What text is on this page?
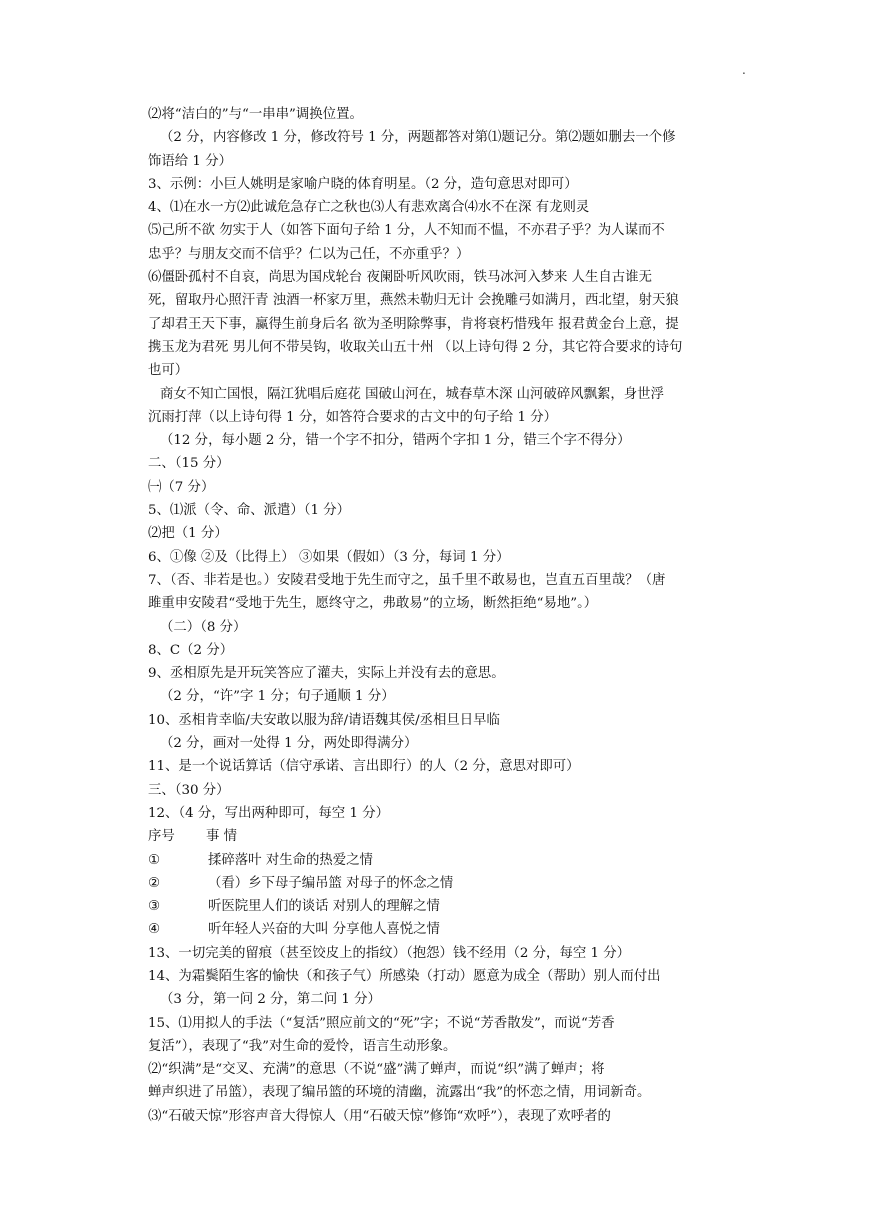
.

⑵将“洁白的”与“一串串”调换位置。

（2 分，内容修改 1 分，修改符号 1 分，两题都答对第⑴题记分。第⑵题如删去一个修

饰语给 1 分）

3、示例：小巨人姚明是家喻户晓的体育明星。（2 分，造句意思对即可）

4、⑴在水一方⑵此诚危急存亡之秋也⑶人有悲欢离合⑷水不在深 有龙则灵

⑸己所不欲 勿实于人（如答下面句子给 1 分，人不知而不愠，不亦君子乎？为人谋而不

忠乎？与朋友交而不信乎？仁以为己任，不亦重乎？）

⑹僵卧孤村不自哀，尚思为国戍轮台 夜阑卧听风吹雨，铁马冰河入梦来 人生自古谁无

死，留取丹心照汗青 浊酒一杯家万里，燕然未勒归无计 会挽雕弓如满月，西北望，射天狼

了却君王天下事，赢得生前身后名 欲为圣明除弊事，肯将衰朽惜残年 报君黄金台上意，提

携玉龙为君死 男儿何不带吴钩，收取关山五十州 （以上诗句得 2 分，其它符合要求的诗句

也可）

商女不知亡国恨，隔江犹唱后庭花 国破山河在，城春草木深 山河破碎风飘絮，身世浮

沉雨打萍（以上诗句得 1 分，如答符合要求的古文中的句子给 1 分）

（12 分，每小题 2 分，错一个字不扣分，错两个字扣 1 分，错三个字不得分）

二、（15 分）

㈠（7 分）

5、⑴派（令、命、派遣）（1 分）

⑵把（1 分）

6、①像 ②及（比得上） ③如果（假如）（3 分，每词 1 分）

7、（否、非若是也。）安陵君受地于先生而守之，虽千里不敢易也，岂直五百里哉？（唐

雎重申安陵君“受地于先生，愿终守之，弗敢易”的立场，断然拒绝“易地”。）

（二）（8 分）

8、C（2 分）

9、丞相原先是开玩笑答应了灌夫，实际上并没有去的意思。

（2 分，“许”字 1 分；句子通顺 1 分）

10、丞相肯幸临/夫安敢以服为辞/请语魏其侯/丞相旦日早临

（2 分，画对一处得 1 分，两处即得满分）

11、是一个说话算话（信守承诺、言出即行）的人（2 分，意思对即可）

三、（30 分）

12、（4 分，写出两种即可，每空 1 分）

序号 事 情

①	揉碎落叶 对生命的热爱之情
②	（看）乡下母子编吊篮 对母子的怀念之情
③	听医院里人们的谈话 对别人的理解之情
④	听年轻人兴奋的大叫 分享他人喜悦之情

13、一切完美的留痕（甚至饺皮上的指纹）（抱怨）钱不经用（2 分，每空 1 分）

14、为霜鬓陌生客的愉快（和孩子气）所感染（打动）愿意为成全（帮助）别人而付出

（3 分，第一问 2 分，第二问 1 分）

15、⑴用拟人的手法（“复活”照应前文的“死”字；不说“芳香散发”，而说“芳香

复活”），表现了“我”对生命的爱怜，语言生动形象。

⑵“织满”是“交叉、充满”的意思（不说“盛”满了蝉声，而说“织”满了蝉声；将

蝉声织进了吊篮），表现了编吊篮的环境的清幽，流露出“我”的怀恋之情，用词新奇。

⑶“石破天惊”形容声音大得惊人（用“石破天惊”修饰“欢呼”），表现了欢呼者的
